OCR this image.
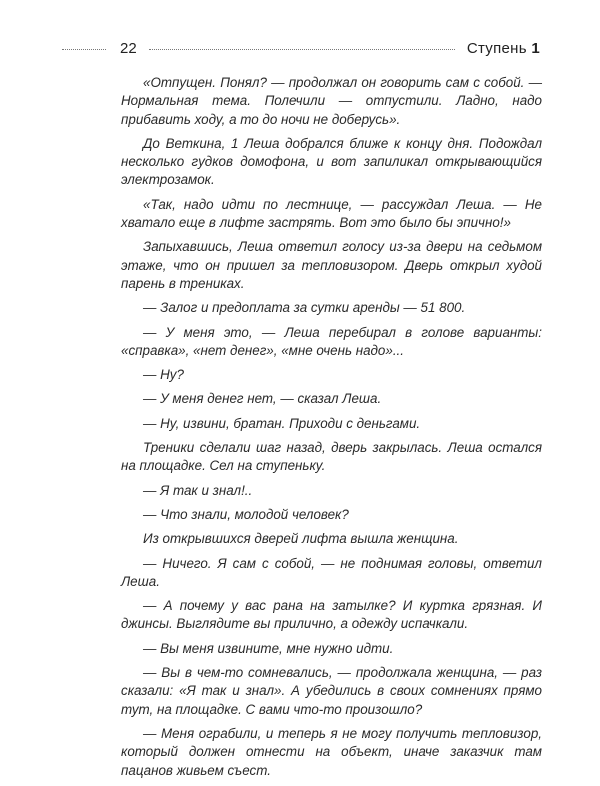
22	Ступень 1

«Отпущен. Понял? — продолжал он говорить сам с собой. — Нормальная тема. Полечили — отпустили. Ладно, надо прибавить ходу, а то до ночи не доберусь».

До Веткина, 1 Леша добрался ближе к концу дня. Подождал несколько гудков домофона, и вот запиликал открывающийся электрозамок.

«Так, надо идти по лестнице, — рассуждал Леша. — Не хватало еще в лифте застрять. Вот это было бы эпично!»

Запыхавшись, Леша ответил голосу из-за двери на седьмом этаже, что он пришел за тепловизором. Дверь открыл худой парень в трениках.

— Залог и предоплата за сутки аренды — 51 800.

— У меня это, — Леша перебирал в голове варианты: «справка», «нет денег», «мне очень надо»...

— Ну?

— У меня денег нет, — сказал Леша.

— Ну, извини, братан. Приходи с деньгами.

Треники сделали шаг назад, дверь закрылась. Леша остался на площадке. Сел на ступеньку.

— Я так и знал!..

— Что знали, молодой человек?

Из открывшихся дверей лифта вышла женщина.

— Ничего. Я сам с собой, — не поднимая головы, ответил Леша.

— А почему у вас рана на затылке? И куртка грязная. И джинсы. Выглядите вы прилично, а одежду испачкали.

— Вы меня извините, мне нужно идти.

— Вы в чем-то сомневались, — продолжала женщина, — раз сказали: «Я так и знал». А убедились в своих сомнениях прямо тут, на площадке. С вами что-то произошло?

— Меня ограбили, и теперь я не могу получить тепловизор, который должен отнести на объект, иначе заказчик там пацанов живьем съест.
